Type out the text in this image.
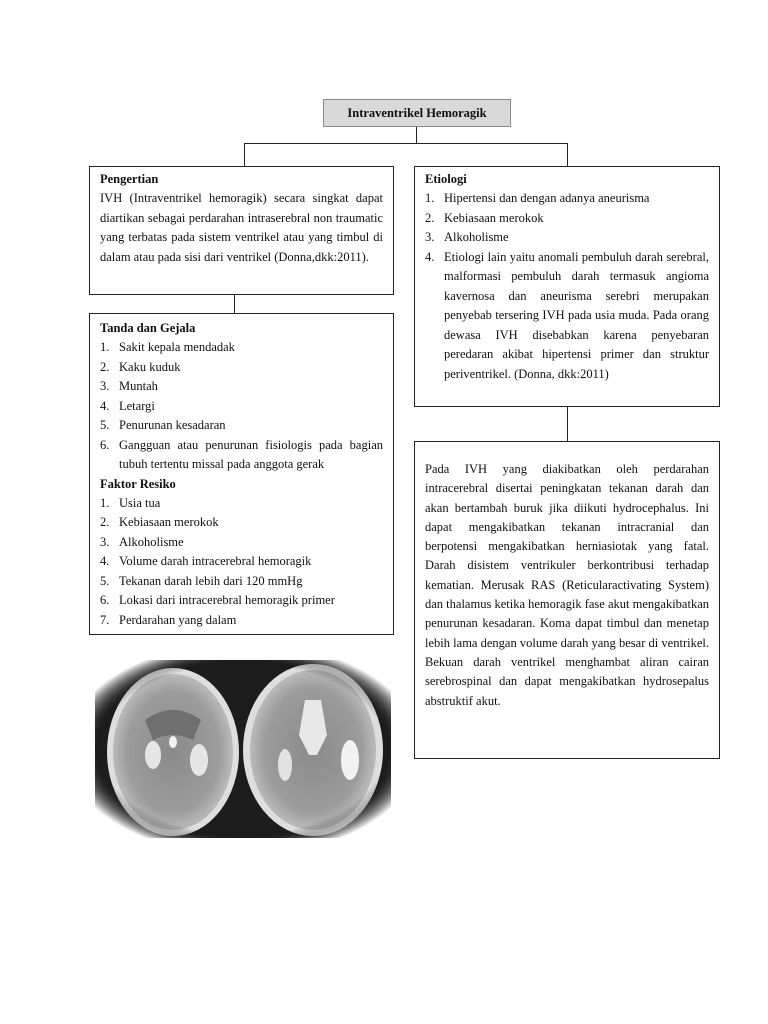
Intraventrikel Hemoragik
Pengertian
IVH (Intraventrikel hemoragik) secara singkat dapat diartikan sebagai perdarahan intraserebral non traumatic yang terbatas pada sistem ventrikel atau yang timbul di dalam atau pada sisi dari ventrikel (Donna,dkk:2011).
Etiologi
1. Hipertensi dan dengan adanya aneurisma
2. Kebiasaan merokok
3. Alkoholisme
4. Etiologi lain yaitu anomali pembuluh darah serebral, malformasi pembuluh darah termasuk angioma kavernosa dan aneurisma serebri merupakan penyebab tersering IVH pada usia muda. Pada orang dewasa IVH disebabkan karena penyebaran peredaran akibat hipertensi primer dan struktur periventrikel. (Donna, dkk:2011)
Tanda dan Gejala
1. Sakit kepala mendadak
2. Kaku kuduk
3. Muntah
4. Letargi
5. Penurunan kesadaran
6. Gangguan atau penurunan fisiologis pada bagian tubuh tertentu missal pada anggota gerak
Faktor Resiko
1. Usia tua
2. Kebiasaan merokok
3. Alkoholisme
4. Volume darah intracerebral hemoragik
5. Tekanan darah lebih dari 120 mmHg
6. Lokasi dari intracerebral hemoragik primer
7. Perdarahan yang dalam
Pada IVH yang diakibatkan oleh perdarahan intracerebral disertai peningkatan tekanan darah dan akan bertambah buruk jika diikuti hydrocephalus. Ini dapat mengakibatkan tekanan intracranial dan berpotensi mengakibatkan herniasiotak yang fatal. Darah disistem ventrikuler berkontribusi terhadap kematian. Merusak RAS (Reticularactivating System) dan thalamus ketika hemoragik fase akut mengakibatkan penurunan kesadaran. Koma dapat timbul dan menetap lebih lama dengan volume darah yang besar di ventrikel. Bekuan darah ventrikel menghambat aliran cairan serebrospinal dan dapat mengakibatkan hydrosepalus abstruktif akut.
